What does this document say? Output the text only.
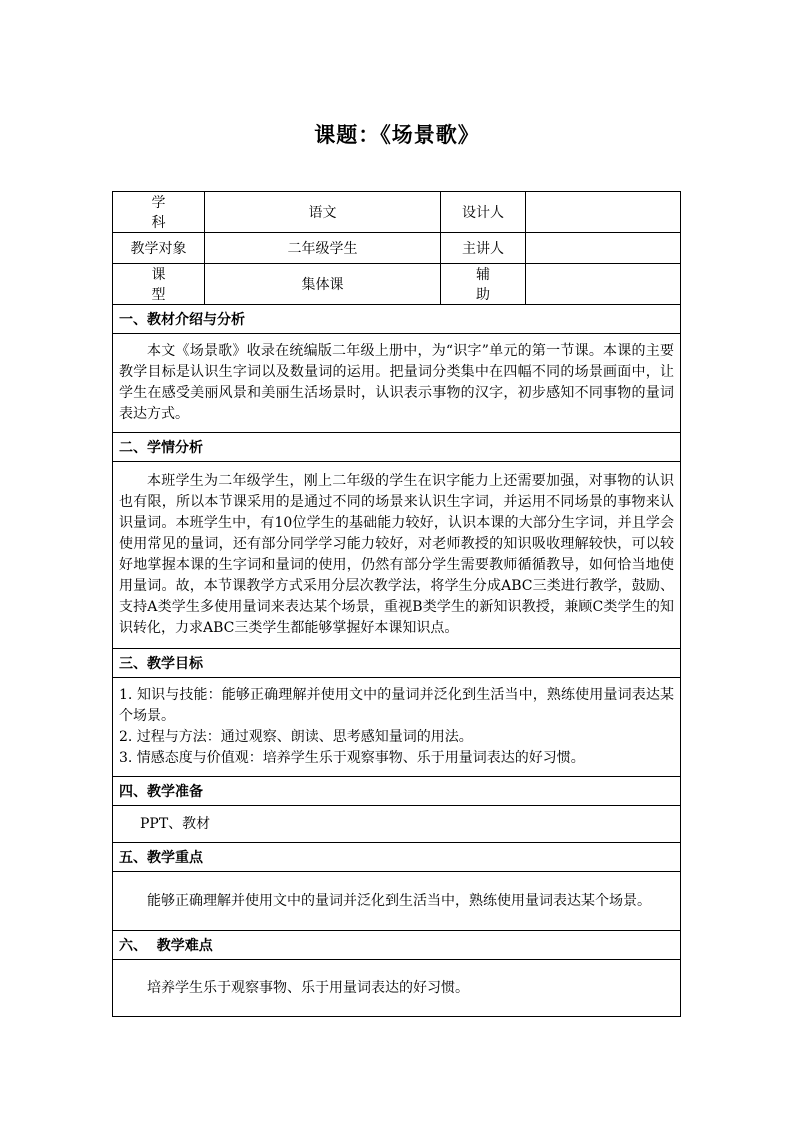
课题：《场景歌》
学 科	语文	设计人	
教学对象	二年级学生	主讲人	
课 型	集体课	辅 助	
一、教材介绍与分析			

本文《场景歌》收录在统编版二年级上册中，为“识字”单元的第一节课。本课的主要教学目标是认识生字词以及数量词的运用。把量词分类集中在四幅不同的场景画面中，让学生在感受美丽风景和美丽生活场景时，认识表示事物的汉字，初步感知不同事物的量词表达方式。			

二、学情分析			

本班学生为二年级学生，刚上二年级的学生在识字能力上还需要加强，对事物的认识也有限，所以本节课采用的是通过不同的场景来认识生字词，并运用不同场景的事物来认识量词。本班学生中，有10位学生的基础能力较好，认识本课的大部分生字词，并且学会使用常见的量词，还有部分同学学习能力较好，对老师教授的知识吸收理解较快，可以较好地掌握本课的生字词和量词的使用，仍然有部分学生需要教师循循教导，如何恰当地使用量词。故，本节课教学方式采用分层次教学法，将学生分成ABC三类进行教学，鼓励、支持A类学生多使用量词来表达某个场景，重视B类学生的新知识教授，兼顾C类学生的知识转化，力求ABC三类学生都能够掌握好本课知识点。			

三、教学目标			

1. 知识与技能：能够正确理解并使用文中的量词并泛化到生活当中，熟练使用量词表达某个场景。

2. 过程与方法：通过观察、朗读、思考感知量词的用法。

3. 情感态度与价值观：培养学生乐于观察事物、乐于用量词表达的好习惯。			

四、教学准备			

PPT、教材			

五、教学重点			

能够正确理解并使用文中的量词并泛化到生活当中，熟练使用量词表达某个场景。			

六、  教学难点			

培养学生乐于观察事物、乐于用量词表达的好习惯。			
